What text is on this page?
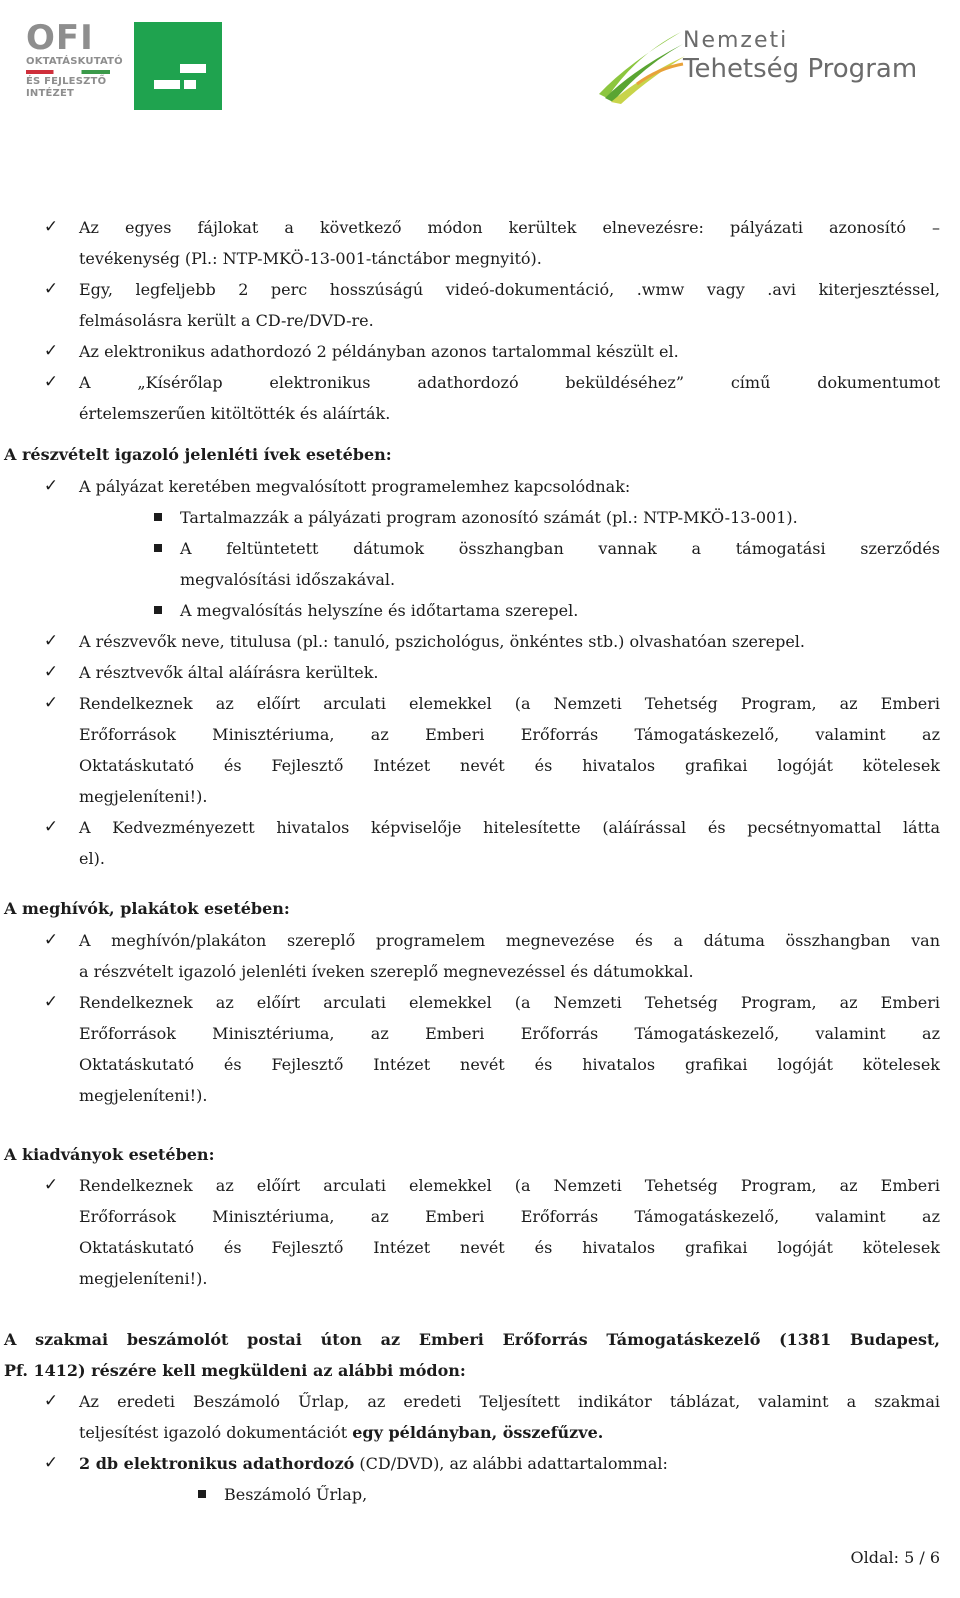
OFI
OKTATÁSKUTATÓ
ÉS FEJLESZTŐ
INTÉZET
Nemzeti
Tehetség Program
✓ Az egyes fájlokat a következő módon kerültek elnevezésre: pályázati azonosító –
tevékenység (Pl.: NTP-MKÖ-13-001-tánctábor megnyitó).
✓ Egy, legfeljebb 2 perc hosszúságú videó-dokumentáció, .wmw vagy .avi kiterjesztéssel,
felmásolásra került a CD-re/DVD-re.
✓ Az elektronikus adathordozó 2 példányban azonos tartalommal készült el.
✓ A „Kísérőlap elektronikus adathordozó beküldéséhez” című dokumentumot
értelemszerűen kitöltötték és aláírták.
A részvételt igazoló jelenléti ívek esetében:
✓ A pályázat keretében megvalósított programelemhez kapcsolódnak:
Tartalmazzák a pályázati program azonosító számát (pl.: NTP-MKÖ-13-001).
A feltüntetett dátumok összhangban vannak a támogatási szerződés
megvalósítási időszakával.
A megvalósítás helyszíne és időtartama szerepel.
✓ A részvevők neve, titulusa (pl.: tanuló, pszichológus, önkéntes stb.) olvashatóan szerepel.
✓ A résztvevők által aláírásra kerültek.
✓ Rendelkeznek az előírt arculati elemekkel (a Nemzeti Tehetség Program, az Emberi
Erőforrások Minisztériuma, az Emberi Erőforrás Támogatáskezelő, valamint az
Oktatáskutató és Fejlesztő Intézet nevét és hivatalos grafikai logóját kötelesek
megjeleníteni!).
✓ A Kedvezményezett hivatalos képviselője hitelesítette (aláírással és pecsétnyomattal látta
el).
A meghívók, plakátok esetében:
✓ A meghívón/plakáton szereplő programelem megnevezése és a dátuma összhangban van
a részvételt igazoló jelenléti íveken szereplő megnevezéssel és dátumokkal.
✓ Rendelkeznek az előírt arculati elemekkel (a Nemzeti Tehetség Program, az Emberi
Erőforrások Minisztériuma, az Emberi Erőforrás Támogatáskezelő, valamint az
Oktatáskutató és Fejlesztő Intézet nevét és hivatalos grafikai logóját kötelesek
megjeleníteni!).
A kiadványok esetében:
✓ Rendelkeznek az előírt arculati elemekkel (a Nemzeti Tehetség Program, az Emberi
Erőforrások Minisztériuma, az Emberi Erőforrás Támogatáskezelő, valamint az
Oktatáskutató és Fejlesztő Intézet nevét és hivatalos grafikai logóját kötelesek
megjeleníteni!).
A szakmai beszámolót postai úton az Emberi Erőforrás Támogatáskezelő (1381 Budapest,
Pf. 1412) részére kell megküldeni az alábbi módon:
✓ Az eredeti Beszámoló Űrlap, az eredeti Teljesített indikátor táblázat, valamint a szakmai
teljesítést igazoló dokumentációt egy példányban, összefűzve.
✓ 2 db elektronikus adathordozó (CD/DVD), az alábbi adattartalommal:
Beszámoló Űrlap,
Oldal: 5 / 6
